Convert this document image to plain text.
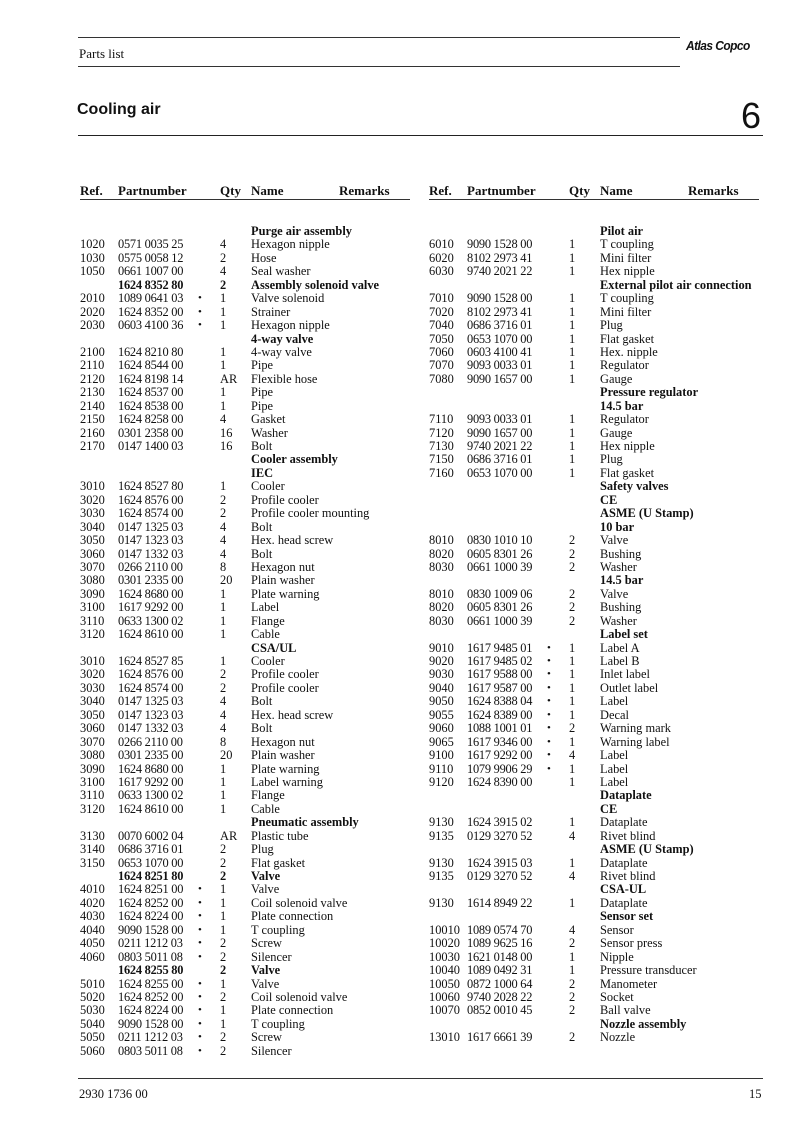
Parts list
Atlas Copco
Cooling air	6
Ref. Partnumber	Qty Name	Remarks
Purge air assembly
1020 0571 0035 25	4 Hexagon nipple
1030 0575 0058 12	2 Hose
1050 0661 1007 00	4 Seal washer
1624 8352 80	2 Assembly solenoid valve
2010 1089 0641 03 • 1 Valve solenoid
2020 1624 8352 00 • 1 Strainer
2030 0603 4100 36 • 1 Hexagon nipple
4-way valve
2100 1624 8210 80	1 4-way valve
2110 1624 8544 00	1 Pipe
2120 1624 8198 14	AR Flexible hose
2130 1624 8537 00	1 Pipe
2140 1624 8538 00	1 Pipe
2150 1624 8258 00	4 Gasket
2160 0301 2358 00	16 Washer
2170 0147 1400 03	16 Bolt
Cooler assembly
IEC
3010 1624 8527 80	1 Cooler
3020 1624 8576 00	2 Profile cooler
3030 1624 8574 00	2 Profile cooler mounting
3040 0147 1325 03	4 Bolt
3050 0147 1323 03	4 Hex. head screw
3060 0147 1332 03	4 Bolt
3070 0266 2110 00	8 Hexagon nut
3080 0301 2335 00	20 Plain washer
3090 1624 8680 00	1 Plate warning
3100 1617 9292 00	1 Label
3110 0633 1300 02	1 Flange
3120 1624 8610 00	1 Cable
CSA/UL
3010 1624 8527 85	1 Cooler
3020 1624 8576 00	2 Profile cooler
3030 1624 8574 00	2 Profile cooler
3040 0147 1325 03	4 Bolt
3050 0147 1323 03	4 Hex. head screw
3060 0147 1332 03	4 Bolt
3070 0266 2110 00	8 Hexagon nut
3080 0301 2335 00	20 Plain washer
3090 1624 8680 00	1 Plate warning
3100 1617 9292 00	1 Label warning
3110 0633 1300 02	1 Flange
3120 1624 8610 00	1 Cable
Pneumatic assembly
3130 0070 6002 04	AR Plastic tube
3140 0686 3716 01	2 Plug
3150 0653 1070 00	2 Flat gasket
1624 8251 80	2 Valve
4010 1624 8251 00 • 1 Valve
4020 1624 8252 00 • 1 Coil solenoid valve
4030 1624 8224 00 • 1 Plate connection
4040 9090 1528 00 • 1 T coupling
4050 0211 1212 03 • 2 Screw
4060 0803 5011 08 • 2 Silencer
1624 8255 80	2 Valve
5010 1624 8255 00 • 1 Valve
5020 1624 8252 00 • 2 Coil solenoid valve
5030 1624 8224 00 • 1 Plate connection
5040 9090 1528 00 • 1 T coupling
5050 0211 1212 03 • 2 Screw
5060 0803 5011 08 • 2 Silencer
Ref. Partnumber	Qty Name	Remarks
Pilot air
6010 9090 1528 00	1 T coupling
6020 8102 2973 41	1 Mini filter
6030 9740 2021 22	1 Hex nipple
External pilot air connection
7010 9090 1528 00	1 T coupling
7020 8102 2973 41	1 Mini filter
7040 0686 3716 01	1 Plug
7050 0653 1070 00	1 Flat gasket
7060 0603 4100 41	1 Hex. nipple
7070 9093 0033 01	1 Regulator
7080 9090 1657 00	1 Gauge
Pressure regulator
14.5 bar
7110 9093 0033 01	1 Regulator
7120 9090 1657 00	1 Gauge
7130 9740 2021 22	1 Hex nipple
7150 0686 3716 01	1 Plug
7160 0653 1070 00	1 Flat gasket
Safety valves
CE
ASME (U Stamp)
10 bar
8010 0830 1010 10	2 Valve
8020 0605 8301 26	2 Bushing
8030 0661 1000 39	2 Washer
14.5 bar
8010 0830 1009 06	2 Valve
8020 0605 8301 26	2 Bushing
8030 0661 1000 39	2 Washer
Label set
9010 1617 9485 01 • 1 Label A
9020 1617 9485 02 • 1 Label B
9030 1617 9588 00 • 1 Inlet label
9040 1617 9587 00 • 1 Outlet label
9050 1624 8388 04 • 1 Label
9055 1624 8389 00 • 1 Decal
9060 1088 1001 01 • 2 Warning mark
9065 1617 9346 00 • 1 Warning label
9100 1617 9292 00 • 4 Label
9110 1079 9906 29 • 1 Label
9120 1624 8390 00	1 Label
Dataplate
CE
9130 1624 3915 02	1 Dataplate
9135 0129 3270 52	4 Rivet blind
ASME (U Stamp)
9130 1624 3915 03	1 Dataplate
9135 0129 3270 52	4 Rivet blind
CSA-UL
9130 1614 8949 22	1 Dataplate
Sensor set
10010 1089 0574 70	4 Sensor
10020 1089 9625 16	2 Sensor press
10030 1621 0148 00	1 Nipple
10040 1089 0492 31	1 Pressure transducer
10050 0872 1000 64	2 Manometer
10060 9740 2028 22	2 Socket
10070 0852 0010 45	2 Ball valve
Nozzle assembly
13010 1617 6661 39	2 Nozzle
2930 1736 00	15
